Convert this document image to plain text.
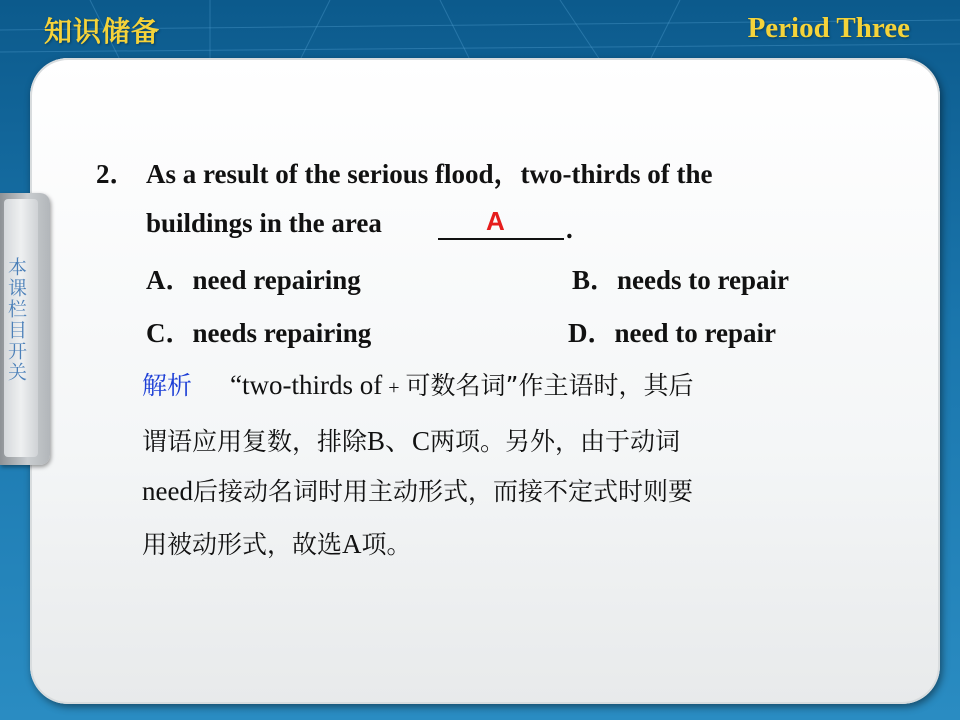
知识储备	Period Three
本课栏目开关
2． As a result of the serious flood，two-thirds of the
buildings in the area	A .
A．need repairing	B．needs to repair
C．needs repairing	D．need to repair
解析 “two-thirds of + 可数名词”作主语时，其后
谓语应用复数，排除B、C两项。另外，由于动词
need后接动名词时用主动形式，而接不定式时则要
用被动形式，故选A项。
